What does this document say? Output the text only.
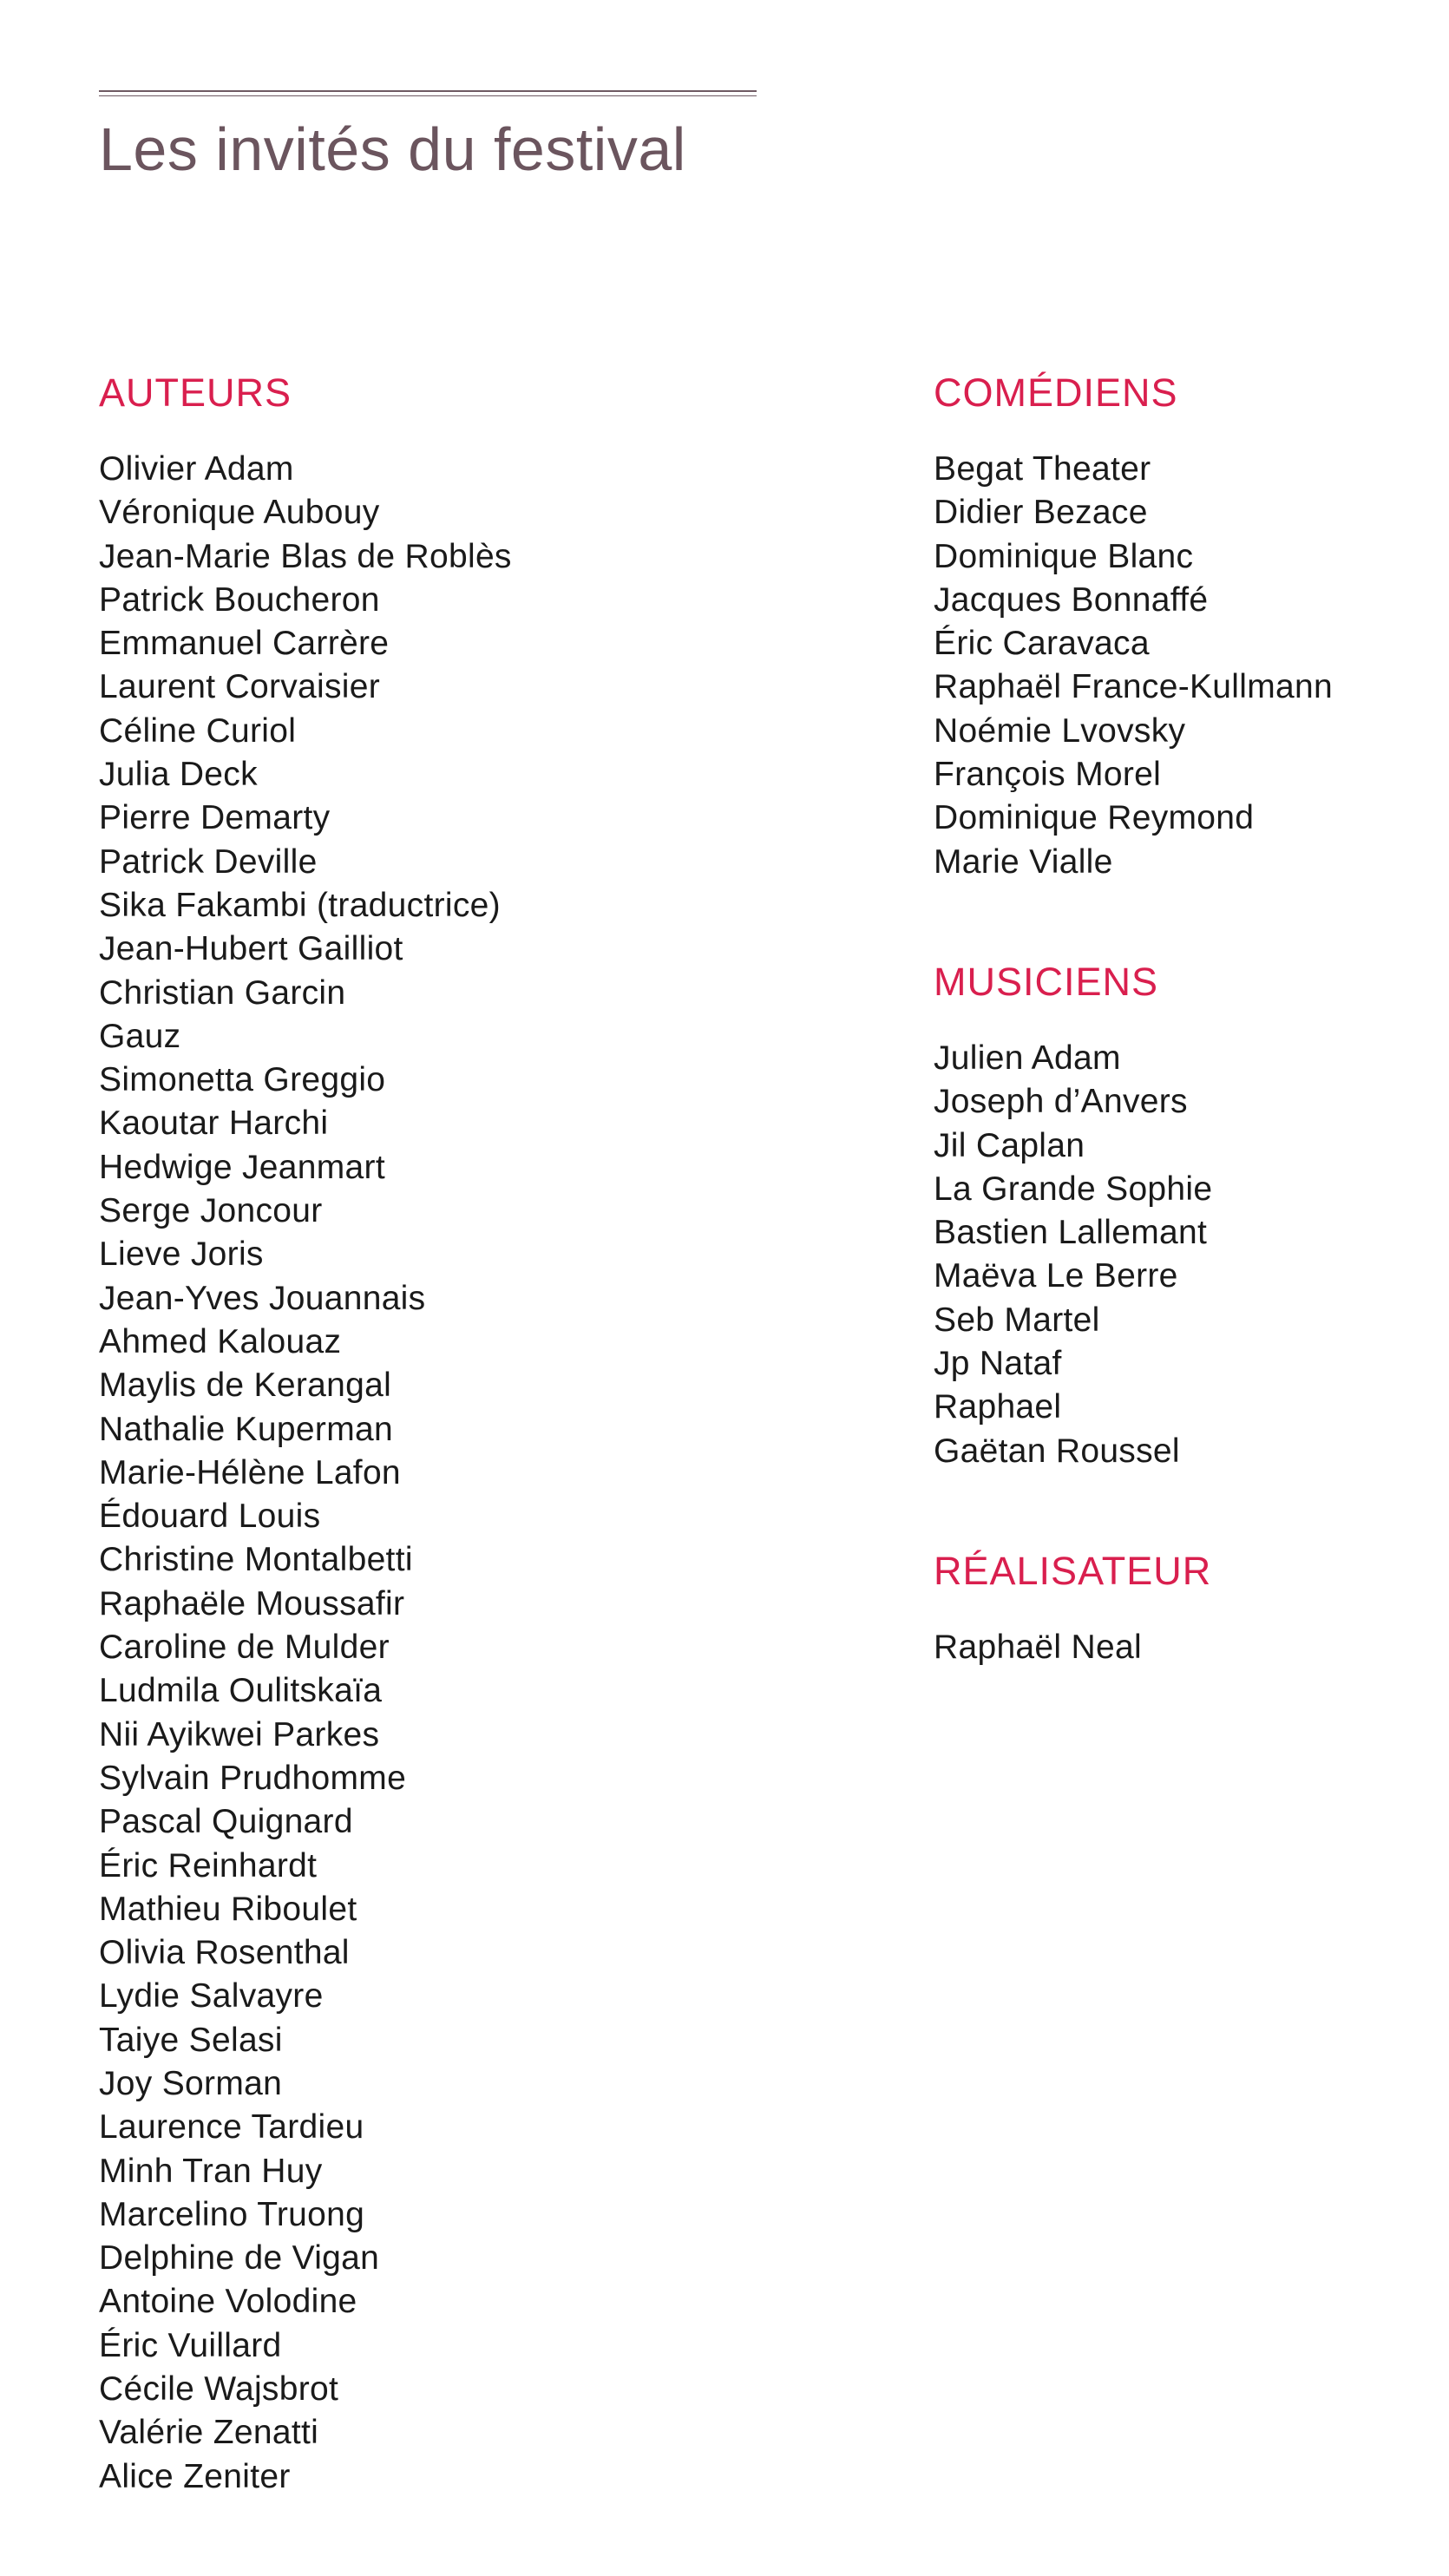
Les invités du festival
AUTEURS
Olivier Adam
Véronique Aubouy
Jean-Marie Blas de Roblès
Patrick Boucheron
Emmanuel Carrère
Laurent Corvaisier
Céline Curiol
Julia Deck
Pierre Demarty
Patrick Deville
Sika Fakambi (traductrice)
Jean-Hubert Gailliot
Christian Garcin
Gauz
Simonetta Greggio
Kaoutar Harchi
Hedwige Jeanmart
Serge Joncour
Lieve Joris
Jean-Yves Jouannais
Ahmed Kalouaz
Maylis de Kerangal
Nathalie Kuperman
Marie-Hélène Lafon
Édouard Louis
Christine Montalbetti
Raphaële Moussafir
Caroline de Mulder
Ludmila Oulitskaïa
Nii Ayikwei Parkes
Sylvain Prudhomme
Pascal Quignard
Éric Reinhardt
Mathieu Riboulet
Olivia Rosenthal
Lydie Salvayre
Taiye Selasi
Joy Sorman
Laurence Tardieu
Minh Tran Huy
Marcelino Truong
Delphine de Vigan
Antoine Volodine
Éric Vuillard
Cécile Wajsbrot
Valérie Zenatti
Alice Zeniter
COMÉDIENS
Begat Theater
Didier Bezace
Dominique Blanc
Jacques Bonnaffé
Éric Caravaca
Raphaël France-Kullmann
Noémie Lvovsky
François Morel
Dominique Reymond
Marie Vialle
MUSICIENS
Julien Adam
Joseph d’Anvers
Jil Caplan
La Grande Sophie
Bastien Lallemant
Maëva Le Berre
Seb Martel
Jp Nataf
Raphael
Gaëtan Roussel
RÉALISATEUR
Raphaël Neal
